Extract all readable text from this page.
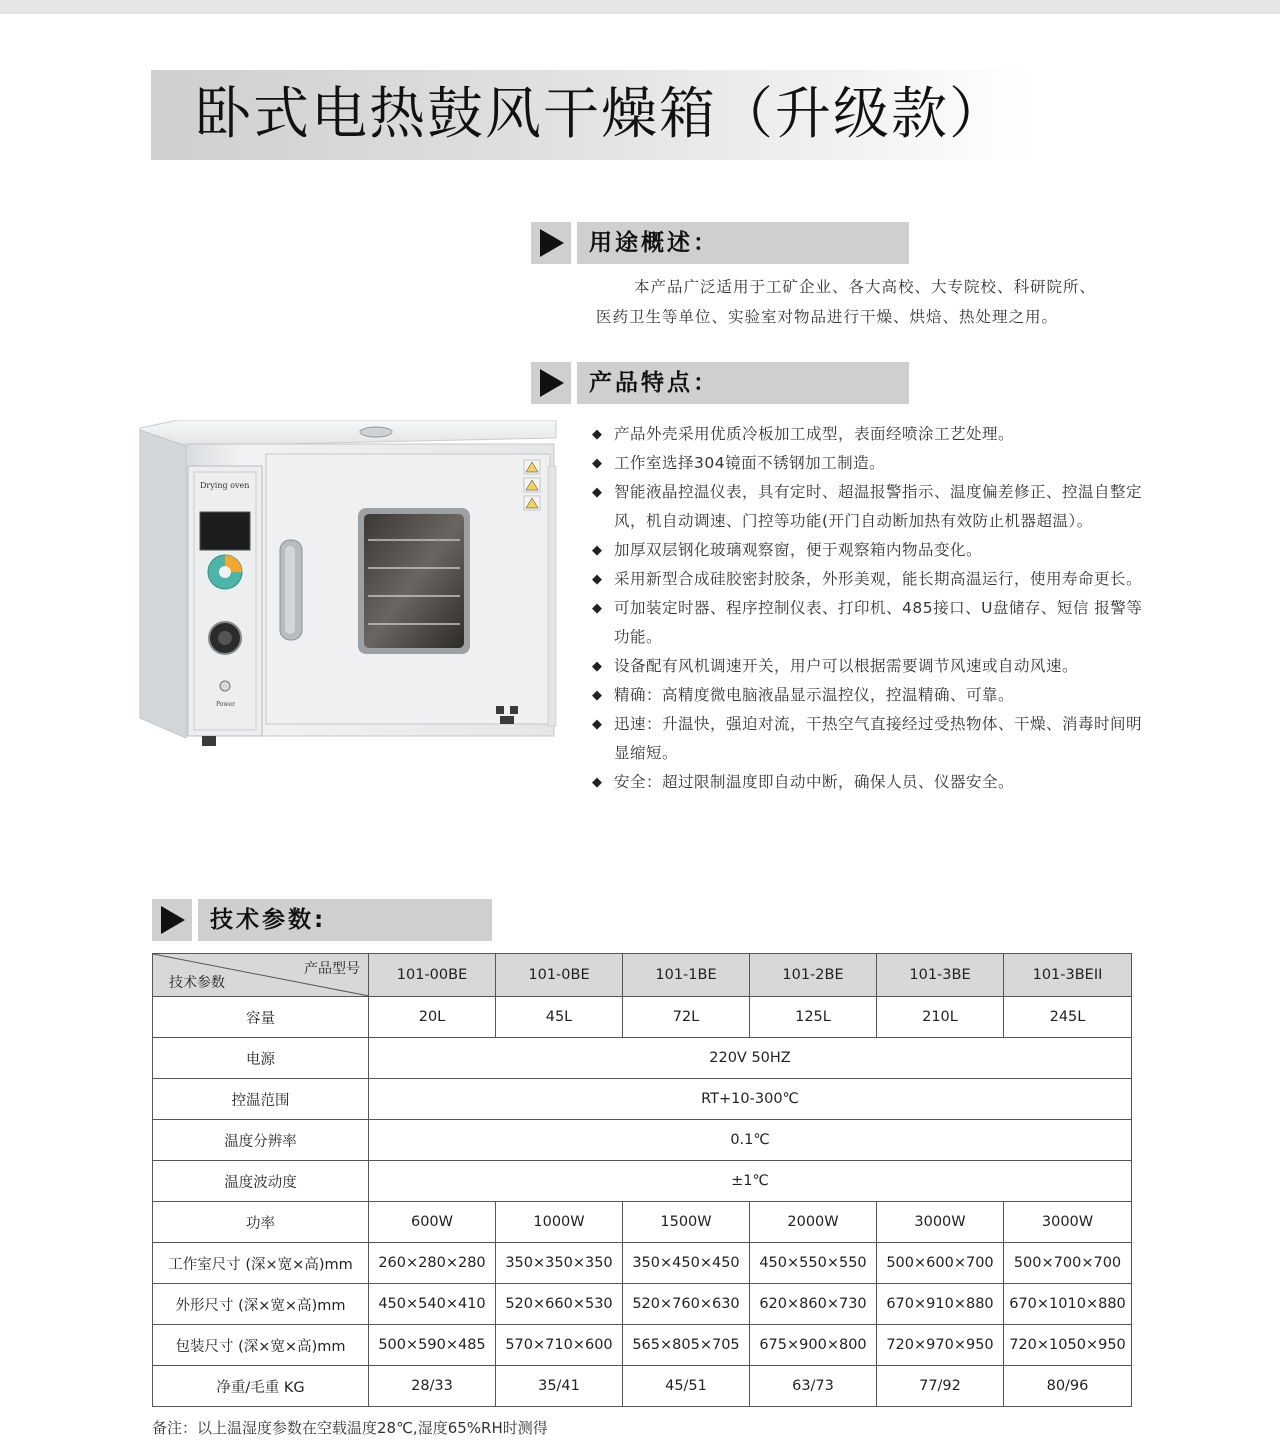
卧式电热鼓风干燥箱（升级款）
用途概述：

本产品广泛适用于工矿企业、各大高校、大专院校、科研院所、

医药卫生等单位、实验室对物品进行干燥、烘焙、热处理之用。

产品特点：
◆ 产品外壳采用优质冷板加工成型，表面经喷涂工艺处理。
◆ 工作室选择304镜面不锈钢加工制造。
◆ 智能液晶控温仪表，具有定时、超温报警指示、温度偏差修正、控温自整定风，机自动调速、门控等功能(开门自动断加热有效防止机器超温）。
◆ 加厚双层钢化玻璃观察窗，便于观察箱内物品变化。
◆ 采用新型合成硅胶密封胶条，外形美观，能长期高温运行，使用寿命更长。
◆ 可加装定时器、程序控制仪表、打印机、485接口、U盘储存、短信 报警等功能。
◆ 设备配有风机调速开关，用户可以根据需要调节风速或自动风速。
◆ 精确：高精度微电脑液晶显示温控仪，控温精确、可靠。
◆ 迅速：升温快，强迫对流，干热空气直接经过受热物体、干燥、消毒时间明显缩短。
◆ 安全：超过限制温度即自动中断，确保人员、仪器安全。
Drying oven
Power
技术参数:
产品型号
技术参数	101-00BE	101-0BE	101-1BE	101-2BE	101-3BE	101-3BEII
容量	20L	45L	72L	125L	210L	245L
电源	220V 50HZ					
控温范围	RT+10-300℃					
温度分辨率	0.1℃					
温度波动度	±1℃					
功率	600W	1000W	1500W	2000W	3000W	3000W
工作室尺寸 (深×宽×高)mm	260×280×280	350×350×350	350×450×450	450×550×550	500×600×700	500×700×700
外形尺寸 (深×宽×高)mm	450×540×410	520×660×530	520×760×630	620×860×730	670×910×880	670×1010×880
包装尺寸 (深×宽×高)mm	500×590×485	570×710×600	565×805×705	675×900×800	720×970×950	720×1050×950
净重/毛重 KG	28/33	35/41	45/51	63/73	77/92	80/96
备注：以上温湿度参数在空载温度28℃,湿度65%RH时测得
